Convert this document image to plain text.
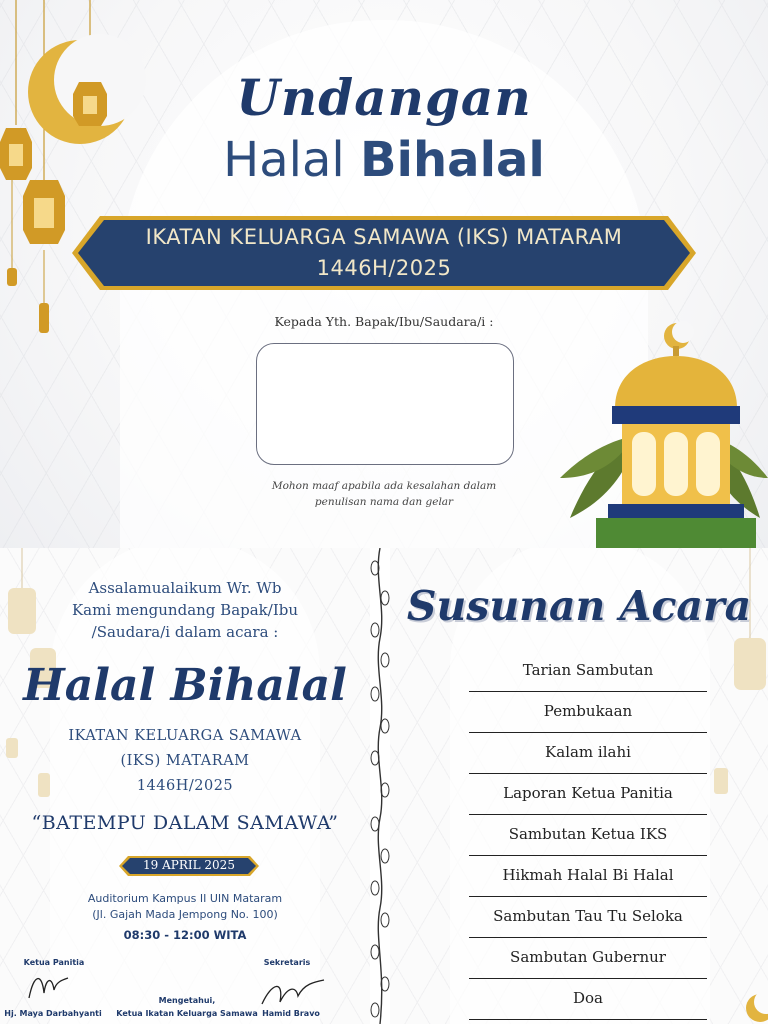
Undangan
Halal Bihalal
IKATAN KELUARGA SAMAWA (IKS) MATARAM
1446H/2025
Kepada Yth. Bapak/Ibu/Saudara/i :
Mohon maaf apabila ada kesalahan dalam
penulisan nama dan gelar
Assalamualaikum Wr. Wb
Kami mengundang Bapak/Ibu
/Saudara/i dalam acara :
Halal Bihalal
IKATAN KELUARGA SAMAWA
(IKS) MATARAM
1446H/2025
“BATEMPU DALAM SAMAWA”
19 APRIL 2025
Auditorium Kampus II UIN Mataram
(Jl. Gajah Mada Jempong No. 100)
08:30 - 12:00 WITA
Ketua Panitia
Hj. Maya Darbahyanti
Sekretaris
Hamid Bravo
Mengetahui,
Ketua Ikatan Keluarga Samawa
Susunan Acara
Tarian Sambutan
Pembukaan
Kalam ilahi
Laporan Ketua Panitia
Sambutan Ketua IKS
Hikmah Halal Bi Halal
Sambutan Tau Tu Seloka
Sambutan Gubernur
Doa
